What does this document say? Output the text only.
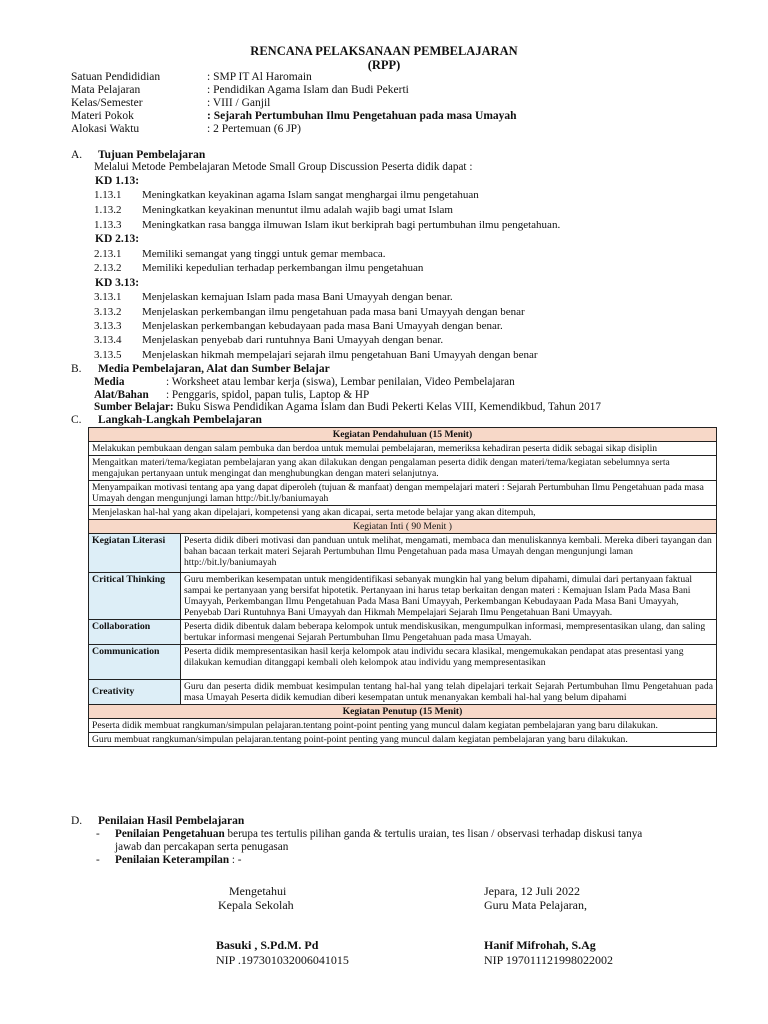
RENCANA PELAKSANAAN PEMBELAJARAN
(RPP)
Satuan Pendididian	: SMP IT Al Haromain
Mata Pelajaran	: Pendidikan Agama Islam dan Budi Pekerti
Kelas/Semester	: VIII / Ganjil
Materi Pokok	: Sejarah Pertumbuhan Ilmu Pengetahuan pada masa Umayah
Alokasi Waktu	: 2 Pertemuan (6 JP)
A. Tujuan Pembelajaran
Melalui Metode Pembelajaran Metode Small Group Discussion Peserta didik dapat :
KD 1.13:
1.13.1 Meningkatkan keyakinan agama Islam sangat menghargai ilmu pengetahuan
1.13.2 Meningkatkan keyakinan menuntut ilmu adalah wajib bagi umat Islam
1.13.3 Meningkatkan rasa bangga ilmuwan Islam ikut berkiprah bagi pertumbuhan ilmu pengetahuan.
KD 2.13:
2.13.1 Memiliki semangat yang tinggi untuk gemar membaca.
2.13.2 Memiliki kepedulian terhadap perkembangan ilmu pengetahuan
KD 3.13:
3.13.1 Menjelaskan kemajuan Islam pada masa Bani Umayyah dengan benar.
3.13.2 Menjelaskan perkembangan ilmu pengetahuan pada masa bani Umayyah dengan benar
3.13.3 Menjelaskan perkembangan kebudayaan pada masa Bani Umayyah dengan benar.
3.13.4 Menjelaskan penyebab dari runtuhnya Bani Umayyah dengan benar.
3.13.5 Menjelaskan hikmah mempelajari sejarah ilmu pengetahuan Bani Umayyah dengan benar
B. Media Pembelajaran, Alat dan Sumber Belajar
Media	: Worksheet atau lembar kerja (siswa), Lembar penilaian, Video Pembelajaran
Alat/Bahan : Penggaris, spidol, papan tulis, Laptop & HP
Sumber Belajar: Buku Siswa Pendidikan Agama Islam dan Budi Pekerti Kelas VIII, Kemendikbud, Tahun 2017
C. Langkah-Langkah Pembelajaran
Kegiatan Pendahuluan (15 Menit)	
Melakukan pembukaan dengan salam pembuka dan berdoa untuk memulai pembelajaran, memeriksa kehadiran peserta didik sebagai sikap disiplin	
Mengaitkan materi/tema/kegiatan pembelajaran yang akan dilakukan dengan pengalaman peserta didik dengan materi/tema/kegiatan sebelumnya serta mengajukan pertanyaan untuk mengingat dan menghubungkan dengan materi selanjutnya.	
Menyampaikan motivasi tentang apa yang dapat diperoleh (tujuan & manfaat) dengan mempelajari materi : Sejarah Pertumbuhan Ilmu Pengetahuan pada masa Umayah dengan mengunjungi laman http://bit.ly/baniumayah	
Menjelaskan hal-hal yang akan dipelajari, kompetensi yang akan dicapai, serta metode belajar yang akan ditempuh,	
Kegiatan Inti ( 90 Menit )	
Kegiatan Literasi	Peserta didik diberi motivasi dan panduan untuk melihat, mengamati, membaca dan menuliskannya kembali. Mereka diberi tayangan dan bahan bacaan terkait materi Sejarah Pertumbuhan Ilmu Pengetahuan pada masa Umayah dengan mengunjungi laman http://bit.ly/baniumayah
Critical Thinking	Guru memberikan kesempatan untuk mengidentifikasi sebanyak mungkin hal yang belum dipahami, dimulai dari pertanyaan faktual sampai ke pertanyaan yang bersifat hipotetik. Pertanyaan ini harus tetap berkaitan dengan materi : Kemajuan Islam Pada Masa Bani Umayyah, Perkembangan Ilmu Pengetahuan Pada Masa Bani Umayyah, Perkembangan Kebudayaan Pada Masa Bani Umayyah, Penyebab Dari Runtuhnya Bani Umayyah dan Hikmah Mempelajari Sejarah Ilmu Pengetahuan Bani Umayyah.
Collaboration	Peserta didik dibentuk dalam beberapa kelompok untuk mendiskusikan, mengumpulkan informasi, mempresentasikan ulang, dan saling bertukar informasi mengenai Sejarah Pertumbuhan Ilmu Pengetahuan pada masa Umayah.
Communication	Peserta didik mempresentasikan hasil kerja kelompok atau individu secara klasikal, mengemukakan pendapat atas presentasi yang dilakukan kemudian ditanggapi kembali oleh kelompok atau individu yang mempresentasikan
Creativity	Guru dan peserta didik membuat kesimpulan tentang hal-hal yang telah dipelajari terkait Sejarah Pertumbuhan Ilmu Pengetahuan pada masa Umayah Peserta didik kemudian diberi kesempatan untuk menanyakan kembali hal-hal yang belum dipahami
Kegiatan Penutup (15 Menit)	
Peserta didik membuat rangkuman/simpulan pelajaran.tentang point-point penting yang muncul dalam kegiatan pembelajaran yang baru dilakukan.	
Guru membuat rangkuman/simpulan pelajaran.tentang point-point penting yang muncul dalam kegiatan pembelajaran yang baru dilakukan.	
D. Penilaian Hasil Pembelajaran
- Penilaian Pengetahuan berupa tes tertulis pilihan ganda & tertulis uraian, tes lisan / observasi terhadap diskusi tanya
jawab dan percakapan serta penugasan
- Penilaian Keterampilan : -
Mengetahui
Kepala Sekolah
Basuki , S.Pd.M. Pd
NIP .197301032006041015
Jepara, 12 Juli 2022
Guru Mata Pelajaran,
Hanif Mifrohah, S.Ag
NIP 197011121998022002
